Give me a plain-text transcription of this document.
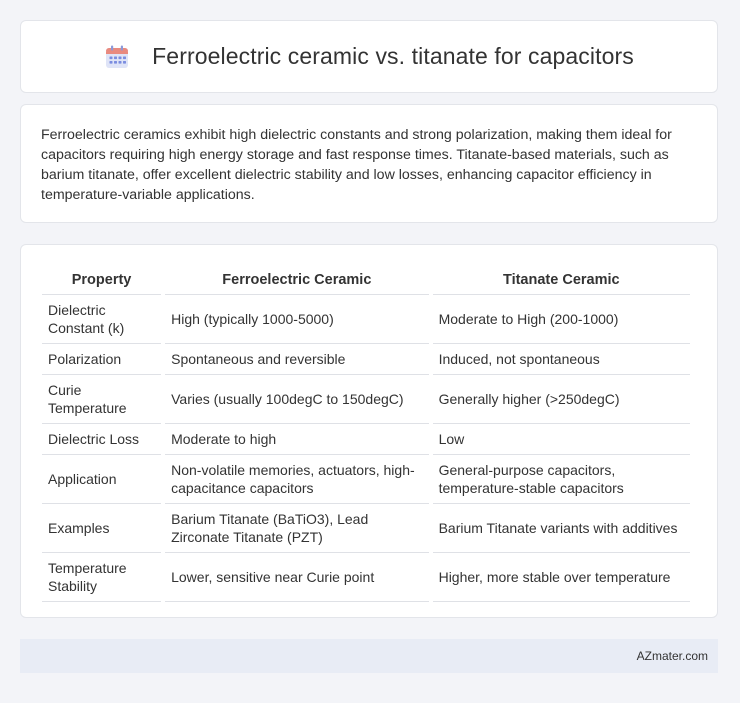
Ferroelectric ceramic vs. titanate for capacitors

Ferroelectric ceramics exhibit high dielectric constants and strong polarization, making them ideal for capacitors requiring high energy storage and fast response times. Titanate-based materials, such as barium titanate, offer excellent dielectric stability and low losses, enhancing capacitor efficiency in temperature-variable applications.

Property	Ferroelectric Ceramic	Titanate Ceramic
Dielectric Constant (k)	High (typically 1000-5000)	Moderate to High (200-1000)
Polarization	Spontaneous and reversible	Induced, not spontaneous
Curie Temperature	Varies (usually 100degC to 150degC)	Generally higher (>250degC)
Dielectric Loss	Moderate to high	Low
Application	Non-volatile memories, actuators, high-capacitance capacitors	General-purpose capacitors, temperature-stable capacitors
Examples	Barium Titanate (BaTiO3), Lead Zirconate Titanate (PZT)	Barium Titanate variants with additives
Temperature Stability	Lower, sensitive near Curie point	Higher, more stable over temperature
AZmater.com
